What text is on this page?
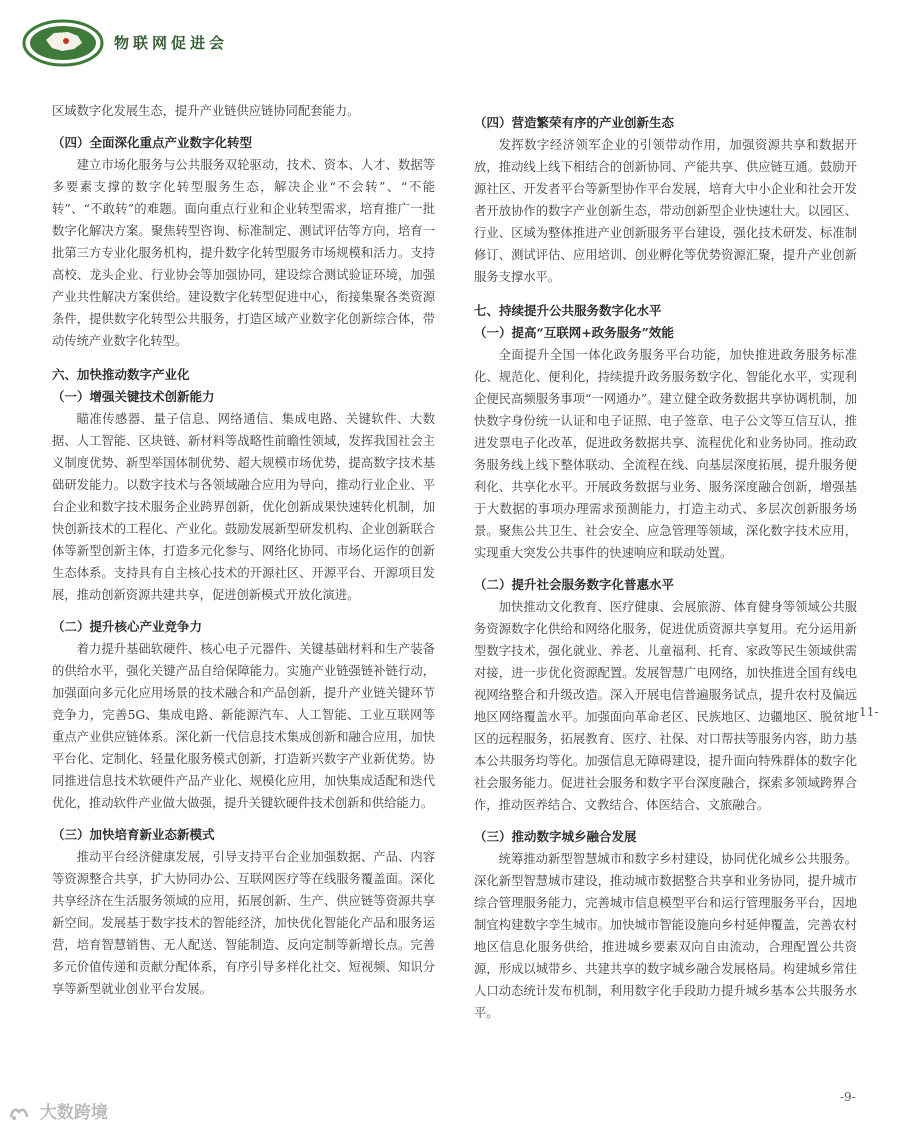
物联网促进会

区域数字化发展生态，提升产业链供应链协同配套能力。

（四）全面深化重点产业数字化转型

建立市场化服务与公共服务双轮驱动，技术、资本、人才、数据等多要素支撑的数字化转型服务生态，解决企业“不会转”、“不能转”、“不敢转”的难题。面向重点行业和企业转型需求，培育推广一批数字化解决方案。聚焦转型咨询、标准制定、测试评估等方向，培育一批第三方专业化服务机构，提升数字化转型服务市场规模和活力。支持高校、龙头企业、行业协会等加强协同，建设综合测试验证环境，加强产业共性解决方案供给。建设数字化转型促进中心，衔接集聚各类资源条件，提供数字化转型公共服务，打造区域产业数字化创新综合体，带动传统产业数字化转型。

六、加快推动数字产业化
（一）增强关键技术创新能力

瞄准传感器、量子信息、网络通信、集成电路、关键软件、大数据、人工智能、区块链、新材料等战略性前瞻性领域，发挥我国社会主义制度优势、新型举国体制优势、超大规模市场优势，提高数字技术基础研发能力。以数字技术与各领域融合应用为导向，推动行业企业、平台企业和数字技术服务企业跨界创新，优化创新成果快速转化机制，加快创新技术的工程化、产业化。鼓励发展新型研发机构、企业创新联合体等新型创新主体，打造多元化参与、网络化协同、市场化运作的创新生态体系。支持具有自主核心技术的开源社区、开源平台、开源项目发展，推动创新资源共建共享，促进创新模式开放化演进。

（二）提升核心产业竞争力

着力提升基础软硬件、核心电子元器件、关键基础材料和生产装备的供给水平，强化关键产品自给保障能力。实施产业链强链补链行动，加强面向多元化应用场景的技术融合和产品创新，提升产业链关键环节竞争力，完善5G、集成电路、新能源汽车、人工智能、工业互联网等重点产业供应链体系。深化新一代信息技术集成创新和融合应用，加快平台化、定制化、轻量化服务模式创新，打造新兴数字产业新优势。协同推进信息技术软硬件产品产业化、规模化应用，加快集成适配和迭代优化，推动软件产业做大做强，提升关键软硬件技术创新和供给能力。

（三）加快培育新业态新模式

推动平台经济健康发展，引导支持平台企业加强数据、产品、内容等资源整合共享，扩大协同办公、互联网医疗等在线服务覆盖面。深化共享经济在生活服务领域的应用，拓展创新、生产、供应链等资源共享新空间。发展基于数字技术的智能经济，加快优化智能化产品和服务运营，培育智慧销售、无人配送、智能制造、反向定制等新增长点。完善多元价值传递和贡献分配体系，有序引导多样化社交、短视频、知识分享等新型就业创业平台发展。

（四）营造繁荣有序的产业创新生态

发挥数字经济领军企业的引领带动作用，加强资源共享和数据开放，推动线上线下相结合的创新协同、产能共享、供应链互通。鼓励开源社区、开发者平台等新型协作平台发展，培育大中小企业和社会开发者开放协作的数字产业创新生态，带动创新型企业快速壮大。以园区、行业、区域为整体推进产业创新服务平台建设，强化技术研发、标准制修订、测试评估、应用培训、创业孵化等优势资源汇聚，提升产业创新服务支撑水平。

七、持续提升公共服务数字化水平
（一）提高“互联网+政务服务”效能

全面提升全国一体化政务服务平台功能，加快推进政务服务标准化、规范化、便利化，持续提升政务服务数字化、智能化水平，实现利企便民高频服务事项“一网通办”。建立健全政务数据共享协调机制，加快数字身份统一认证和电子证照、电子签章、电子公文等互信互认，推进发票电子化改革，促进政务数据共享、流程优化和业务协同。推动政务服务线上线下整体联动、全流程在线、向基层深度拓展，提升服务便利化、共享化水平。开展政务数据与业务、服务深度融合创新，增强基于大数据的事项办理需求预测能力，打造主动式、多层次创新服务场景。聚焦公共卫生、社会安全、应急管理等领域，深化数字技术应用，实现重大突发公共事件的快速响应和联动处置。

（二）提升社会服务数字化普惠水平

加快推动文化教育、医疗健康、会展旅游、体育健身等领域公共服务资源数字化供给和网络化服务，促进优质资源共享复用。充分运用新型数字技术，强化就业、养老、儿童福利、托育、家政等民生领域供需对接，进一步优化资源配置。发展智慧广电网络，加快推进全国有线电视网络整合和升级改造。深入开展电信普遍服务试点，提升农村及偏远地区网络覆盖水平。加强面向革命老区、民族地区、边疆地区、脱贫地区的远程服务，拓展教育、医疗、社保、对口帮扶等服务内容，助力基本公共服务均等化。加强信息无障碍建设，提升面向特殊群体的数字化社会服务能力。促进社会服务和数字平台深度融合，探索多领域跨界合作，推动医养结合、文教结合、体医结合、文旅融合。

（三）推动数字城乡融合发展

统筹推动新型智慧城市和数字乡村建设，协同优化城乡公共服务。深化新型智慧城市建设，推动城市数据整合共享和业务协同，提升城市综合管理服务能力，完善城市信息模型平台和运行管理服务平台，因地制宜构建数字孪生城市。加快城市智能设施向乡村延伸覆盖，完善农村地区信息化服务供给，推进城乡要素双向自由流动，合理配置公共资源，形成以城带乡、共建共享的数字城乡融合发展格局。构建城乡常住人口动态统计发布机制，利用数字化手段助力提升城乡基本公共服务水平。

-11-
-9-
大数跨境
